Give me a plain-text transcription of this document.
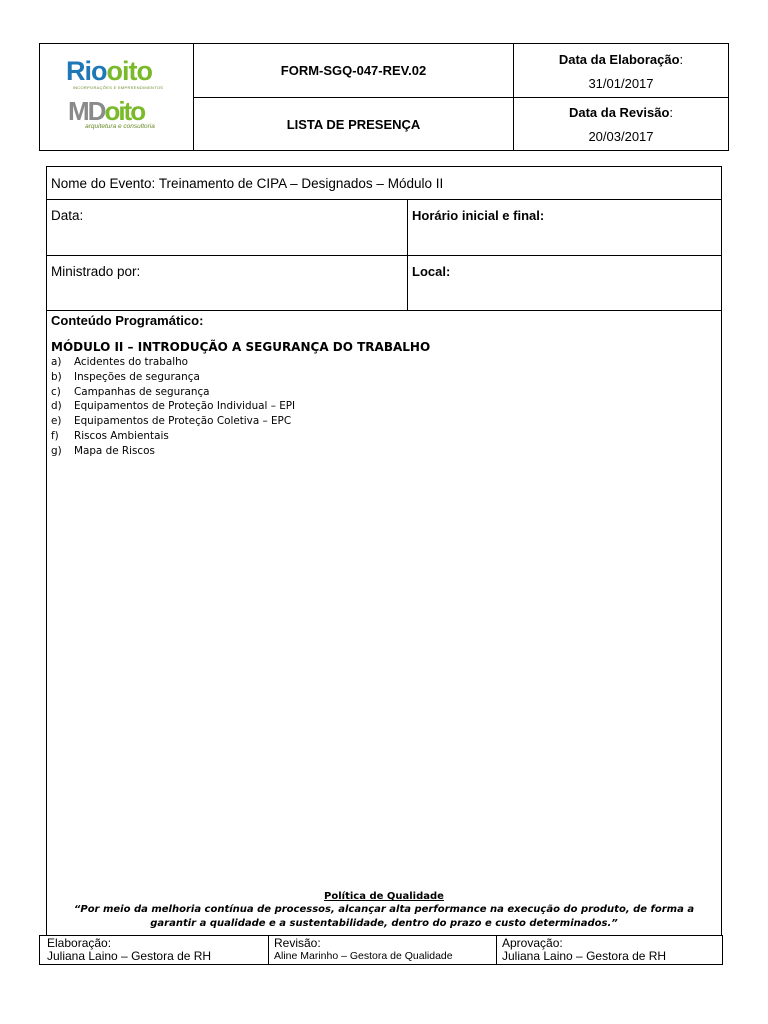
Riooito
INCORPORAÇÕES E EMPREENDIMENTOS
MDoito
arquitetura e consultoria
FORM-SGQ-047-REV.02
LISTA DE PRESENÇA
Data da Elaboração:
31/01/2017
Data da Revisão:
20/03/2017
Nome do Evento: Treinamento de CIPA – Designados – Módulo II
Data:	Horário inicial e final:
Ministrado por:	Local:
Conteúdo Programático:
MÓDULO II – INTRODUÇÃO A SEGURANÇA DO TRABALHO
a)	Acidentes do trabalho
b)	Inspeções de segurança
c)	Campanhas de segurança
d)	Equipamentos de Proteção Individual – EPI
e)	Equipamentos de Proteção Coletiva – EPC
f)	Riscos Ambientais
g)	Mapa de Riscos
Política de Qualidade
“Por meio da melhoria contínua de processos, alcançar alta performance na execução do produto, de forma a garantir a qualidade e a sustentabilidade, dentro do prazo e custo determinados.”
Elaboração:
Juliana Laino – Gestora de RH
Revisão:
Aline Marinho – Gestora de Qualidade
Aprovação:
Juliana Laino – Gestora de RH
